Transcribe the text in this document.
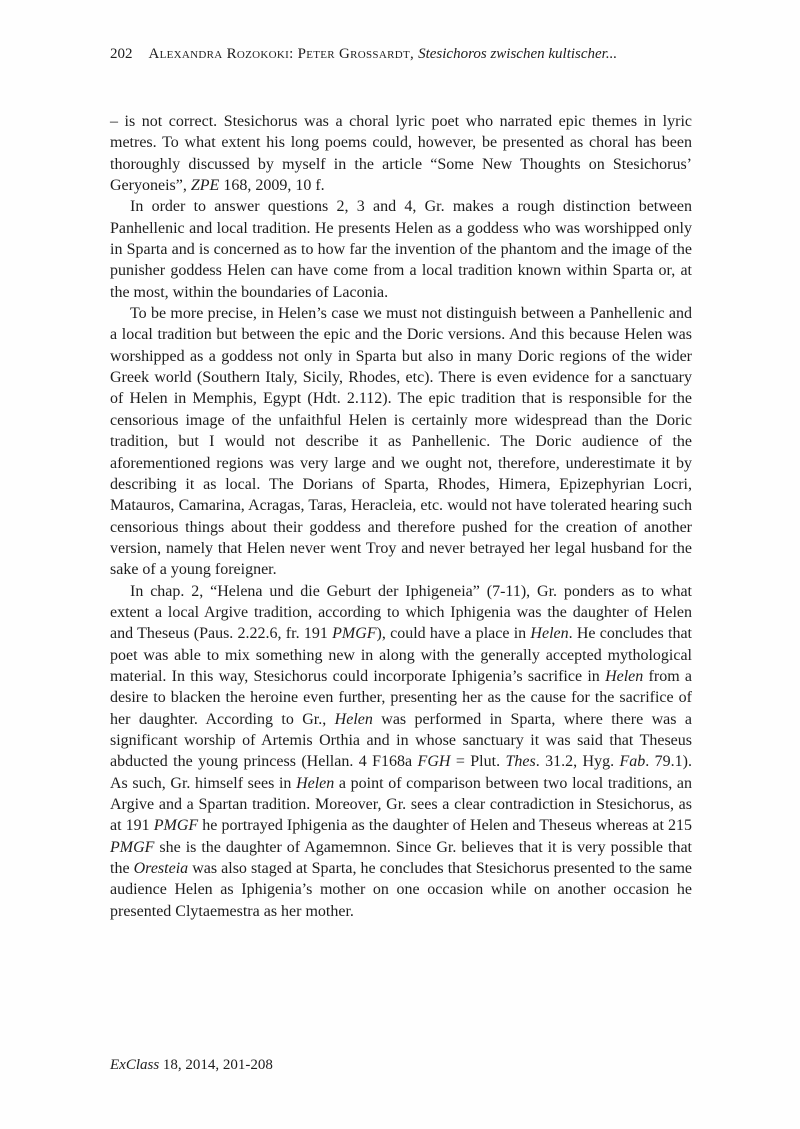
202 Alexandra Rozokoki: Peter Grossardt, Stesichoros zwischen kultischer...

– is not correct. Stesichorus was a choral lyric poet who narrated epic themes in lyric metres. To what extent his long poems could, however, be presented as choral has been thoroughly discussed by myself in the article “Some New Thoughts on Stesichorus’ Geryoneis”, ZPE 168, 2009, 10 f.

In order to answer questions 2, 3 and 4, Gr. makes a rough distinction between Panhellenic and local tradition. He presents Helen as a goddess who was worshipped only in Sparta and is concerned as to how far the invention of the phantom and the image of the punisher goddess Helen can have come from a local tradition known within Sparta or, at the most, within the boundaries of Laconia.

To be more precise, in Helen’s case we must not distinguish between a Panhellenic and a local tradition but between the epic and the Doric versions. And this because Helen was worshipped as a goddess not only in Sparta but also in many Doric regions of the wider Greek world (Southern Italy, Sicily, Rhodes, etc). There is even evidence for a sanctuary of Helen in Memphis, Egypt (Hdt. 2.112). The epic tradition that is responsible for the censorious image of the unfaithful Helen is certainly more widespread than the Doric tradition, but I would not describe it as Panhellenic. The Doric audience of the aforementioned regions was very large and we ought not, therefore, underestimate it by describing it as local. The Dorians of Sparta, Rhodes, Himera, Epizephyrian Locri, Matauros, Camarina, Acragas, Taras, Heracleia, etc. would not have tolerated hearing such censorious things about their goddess and therefore pushed for the creation of another version, namely that Helen never went Troy and never betrayed her legal husband for the sake of a young foreigner.

In chap. 2, “Helena und die Geburt der Iphigeneia” (7-11), Gr. ponders as to what extent a local Argive tradition, according to which Iphigenia was the daughter of Helen and Theseus (Paus. 2.22.6, fr. 191 PMGF), could have a place in Helen. He concludes that poet was able to mix something new in along with the generally accepted mythological material. In this way, Stesichorus could incorporate Iphigenia’s sacrifice in Helen from a desire to blacken the heroine even further, presenting her as the cause for the sacrifice of her daughter. According to Gr., Helen was performed in Sparta, where there was a significant worship of Artemis Orthia and in whose sanctuary it was said that Theseus abducted the young princess (Hellan. 4 F168a FGH = Plut. Thes. 31.2, Hyg. Fab. 79.1). As such, Gr. himself sees in Helen a point of comparison between two local traditions, an Argive and a Spartan tradition. Moreover, Gr. sees a clear contradiction in Stesichorus, as at 191 PMGF he portrayed Iphigenia as the daughter of Helen and Theseus whereas at 215 PMGF she is the daughter of Agamemnon. Since Gr. believes that it is very possible that the Oresteia was also staged at Sparta, he concludes that Stesichorus presented to the same audience Helen as Iphigenia’s mother on one occasion while on another occasion he presented Clytaemestra as her mother.

ExClass 18, 2014, 201-208
